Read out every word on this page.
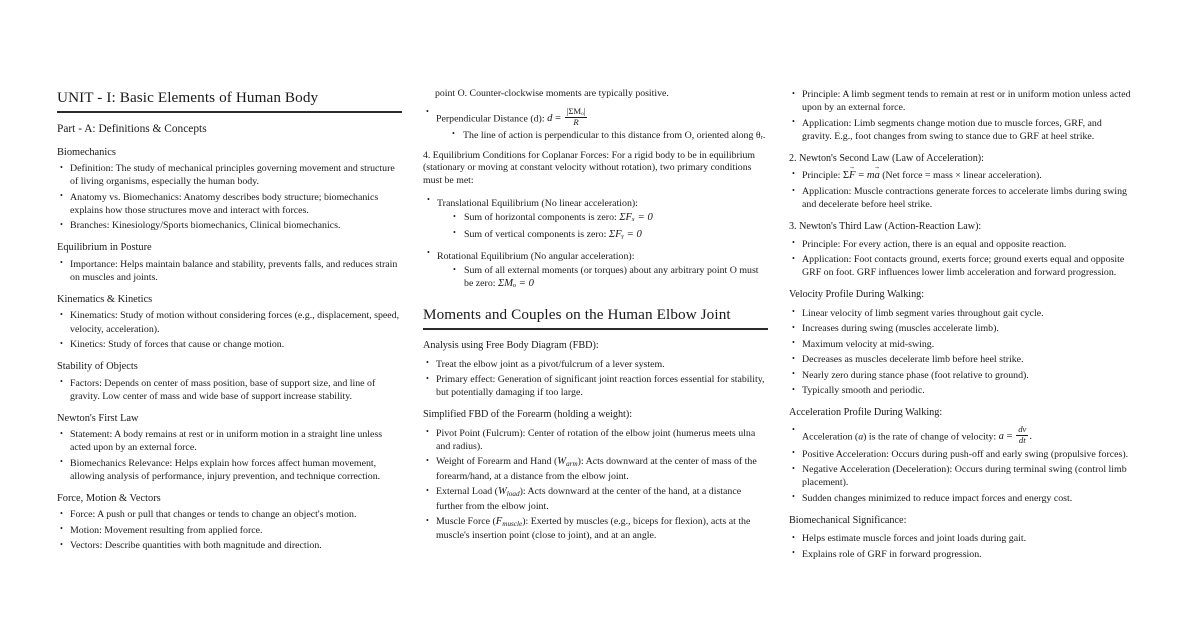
UNIT - I: Basic Elements of Human Body
Part - A: Definitions & Concepts
Biomechanics
• Definition: The study of mechanical principles governing movement and structure of living organisms, especially the human body.
• Anatomy vs. Biomechanics: Anatomy describes body structure; biomechanics explains how those structures move and interact with forces.
• Branches: Kinesiology/Sports biomechanics, Clinical biomechanics.
Equilibrium in Posture
• Importance: Helps maintain balance and stability, prevents falls, and reduces strain on muscles and joints.
Kinematics & Kinetics
• Kinematics: Study of motion without considering forces (e.g., displacement, speed, velocity, acceleration).
• Kinetics: Study of forces that cause or change motion.
Stability of Objects
• Factors: Depends on center of mass position, base of support size, and line of gravity. Low center of mass and wide base of support increase stability.
Newton's First Law
• Statement: A body remains at rest or in uniform motion in a straight line unless acted upon by an external force.
• Biomechanics Relevance: Helps explain how forces affect human movement, allowing analysis of performance, injury prevention, and technique correction.
Force, Motion & Vectors
• Force: A push or pull that changes or tends to change an object's motion.
• Motion: Movement resulting from applied force.
• Vectors: Describe quantities with both magnitude and direction.

point O. Counter-clockwise moments are typically positive.

• Perpendicular Distance (d): $d = \frac{\text{|ΣMₒ|}}{R}$
• The line of action is perpendicular to this distance from O, oriented along θᵣ.

4. Equilibrium Conditions for Coplanar Forces: For a rigid body to be in equilibrium (stationary or moving at constant velocity without rotation), two primary conditions must be met:

• Translational Equilibrium (No linear acceleration):
• Sum of horizontal components is zero: ΣFₓ = 0
• Sum of vertical components is zero: ΣFᵧ = 0
• Rotational Equilibrium (No angular acceleration):
• Sum of all external moments (or torques) about any arbitrary point O must be zero: ΣMₒ = 0
Moments and Couples on the Human Elbow Joint

Analysis using Free Body Diagram (FBD):

• Treat the elbow joint as a pivot/fulcrum of a lever system.
• Primary effect: Generation of significant joint reaction forces essential for stability, but potentially damaging if too large.

Simplified FBD of the Forearm (holding a weight):

• Pivot Point (Fulcrum): Center of rotation of the elbow joint (humerus meets ulna and radius).
• Weight of Forearm and Hand $(W_{arm})$: Acts downward at the center of mass of the forearm/hand, at a distance from the elbow joint.
• External Load $(W_{load})$: Acts downward at the center of the hand, at a distance further from the elbow joint.
• Muscle Force $(F_{muscle})$: Exerted by muscles (e.g., biceps for flexion), acts at the muscle's insertion point (close to joint), and at an angle.
• Principle: A limb segment tends to remain at rest or in uniform motion unless acted upon by an external force.
• Application: Limb segments change motion due to muscle forces, GRF, and gravity. E.g., foot changes from swing to stance due to GRF at heel strike.

2. Newton's Second Law (Law of Acceleration):

• Principle: ΣF → = ma → (Net force = mass × linear acceleration).
• Application: Muscle contractions generate forces to accelerate limbs during swing and decelerate before heel strike.

3. Newton's Third Law (Action-Reaction Law):

• Principle: For every action, there is an equal and opposite reaction.
• Application: Foot contacts ground, exerts force; ground exerts equal and opposite GRF on foot. GRF influences lower limb acceleration and forward progression.

Velocity Profile During Walking:

• Linear velocity of limb segment varies throughout gait cycle.
• Increases during swing (muscles accelerate limb).
• Maximum velocity at mid-swing.
• Decreases as muscles decelerate limb before heel strike.
• Nearly zero during stance phase (foot relative to ground).
• Typically smooth and periodic.

Acceleration Profile During Walking:

• Acceleration (a) is the rate of change of velocity: $a = \frac{dv}{dt}$ .
• Positive Acceleration: Occurs during push-off and early swing (propulsive forces).
• Negative Acceleration (Deceleration): Occurs during terminal swing (control limb placement).
• Sudden changes minimized to reduce impact forces and energy cost.

Biomechanical Significance:

• Helps estimate muscle forces and joint loads during gait.
• Explains role of GRF in forward progression.
